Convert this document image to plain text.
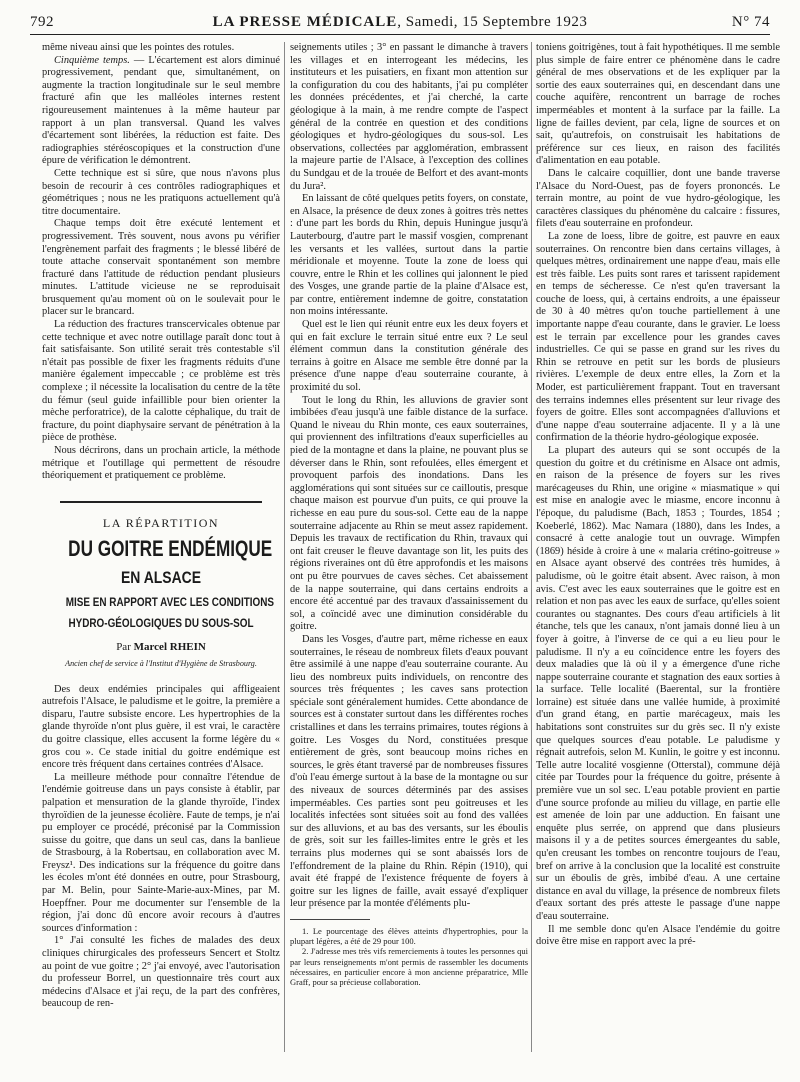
792	LA PRESSE MÉDICALE, Samedi, 15 Septembre 1923	N° 74

même niveau ainsi que les pointes des rotules.

Cinquième temps. — L'écartement est alors diminué progressivement, pendant que, simultanément, on augmente la traction longitudinale sur le seul membre fracturé afin que les malléoles internes restent rigoureusement maintenues à la même hauteur par rapport à un plan transversal. Quand les valves d'écartement sont libérées, la réduction est faite. Des radiographies stéréoscopiques et la construction d'une épure de vérification le démontrent.

Cette technique est si sûre, que nous n'avons plus besoin de recourir à ces contrôles radiographiques et géométriques ; nous ne les pratiquons actuellement qu'à titre documentaire.

Chaque temps doit être exécuté lentement et progressivement. Très souvent, nous avons pu vérifier l'engrènement parfait des fragments ; le blessé libéré de toute attache conservait spontanément son membre fracturé dans l'attitude de réduction pendant plusieurs minutes. L'attitude vicieuse ne se reproduisait brusquement qu'au moment où on le soulevait pour le placer sur le brancard.

La réduction des fractures transcervicales obtenue par cette technique et avec notre outillage paraît donc tout à fait satisfaisante. Son utilité serait très contestable s'il n'était pas possible de fixer les fragments réduits d'une manière également impeccable ; ce problème est très complexe ; il nécessite la localisation du centre de la tête du fémur (seul guide infaillible pour bien orienter la mèche perforatrice), de la calotte céphalique, du trait de fracture, du point diaphysaire servant de pénétration à la pièce de prothèse.

Nous décrirons, dans un prochain article, la méthode métrique et l'outillage qui permettent de résoudre théoriquement et pratiquement ce problème.

LA RÉPARTITION
DU GOITRE ENDÉMIQUE
EN ALSACE
MISE EN RAPPORT AVEC LES CONDITIONS
HYDRO-GÉOLOGIQUES DU SOUS-SOL
Par Marcel RHEIN
Ancien chef de service à l'Institut d'Hygiène de Strasbourg.

Des deux endémies principales qui affligeaient autrefois l'Alsace, le paludisme et le goitre, la première a disparu, l'autre subsiste encore. Les hypertrophies de la glande thyroïde n'ont plus guère, il est vrai, le caractère du goitre classique, elles accusent la forme légère du « gros cou ». Ce stade initial du goitre endémique est encore très fréquent dans certaines contrées d'Alsace.

La meilleure méthode pour connaître l'étendue de l'endémie goitreuse dans un pays consiste à établir, par palpation et mensuration de la glande thyroïde, l'index thyroïdien de la jeunesse écolière. Faute de temps, je n'ai pu employer ce procédé, préconisé par la Commission suisse du goitre, que dans un seul cas, dans la banlieue de Strasbourg, à la Robertsau, en collaboration avec M. Freysz¹. Des indications sur la fréquence du goitre dans les écoles m'ont été données en outre, pour Strasbourg, par M. Belin, pour Sainte-Marie-aux-Mines, par M. Hoepffner. Pour me documenter sur l'ensemble de la région, j'ai donc dû encore avoir recours à d'autres sources d'information :

1° J'ai consulté les fiches de malades des deux cliniques chirurgicales des professeurs Sencert et Stoltz au point de vue goitre ; 2° j'ai envoyé, avec l'autorisation du professeur Borrel, un questionnaire très court aux médecins d'Alsace et j'ai reçu, de la part des confrères, beaucoup de ren-

seignements utiles ; 3° en passant le dimanche à travers les villages et en interrogeant les médecins, les instituteurs et les puisatiers, en fixant mon attention sur la configuration du cou des habitants, j'ai pu compléter les données précédentes, et j'ai cherché, la carte géologique à la main, à me rendre compte de l'aspect général de la contrée en question et des conditions géologiques et hydro-géologiques du sous-sol. Les observations, collectées par agglomération, embrassent la majeure partie de l'Alsace, à l'exception des collines du Sundgau et de la trouée de Belfort et des avant-monts du Jura².

En laissant de côté quelques petits foyers, on constate, en Alsace, la présence de deux zones à goitres très nettes : d'une part les bords du Rhin, depuis Huningue jusqu'à Lauterbourg, d'autre part le massif vosgien, comprenant les versants et les vallées, surtout dans la partie méridionale et moyenne. Toute la zone de loess qui couvre, entre le Rhin et les collines qui jalonnent le pied des Vosges, une grande partie de la plaine d'Alsace est, par contre, entièrement indemne de goitre, constatation non moins intéressante.

Quel est le lien qui réunit entre eux les deux foyers et qui en fait exclure le terrain situé entre eux ? Le seul élément commun dans la constitution générale des terrains à goitre en Alsace me semble être donné par la présence d'une nappe d'eau souterraine courante, à proximité du sol.

Tout le long du Rhin, les alluvions de gravier sont imbibées d'eau jusqu'à une faible distance de la surface. Quand le niveau du Rhin monte, ces eaux souterraines, qui proviennent des infiltrations d'eaux superficielles au pied de la montagne et dans la plaine, ne pouvant plus se déverser dans le Rhin, sont refoulées, elles émergent et provoquent parfois des inondations. Dans les agglomérations qui sont situées sur ce cailloutis, presque chaque maison est pourvue d'un puits, ce qui prouve la richesse en eau pure du sous-sol. Cette eau de la nappe souterraine adjacente au Rhin se meut assez rapidement. Depuis les travaux de rectification du Rhin, travaux qui ont fait creuser le fleuve davantage son lit, les puits des régions riveraines ont dû être approfondis et les maisons ont pu être pourvues de caves sèches. Cet abaissement de la nappe souterraine, qui dans certains endroits a encore été accentué par des travaux d'assainissement du sol, a coïncidé avec une diminution considérable du goitre.

Dans les Vosges, d'autre part, même richesse en eaux souterraines, le réseau de nombreux filets d'eaux pouvant être assimilé à une nappe d'eau souterraine courante. Au lieu des nombreux puits individuels, on rencontre des sources très fréquentes ; les caves sans protection spéciale sont généralement humides. Cette abondance de sources est à constater surtout dans les différentes roches cristallines et dans les terrains primaires, toutes régions à goitre. Les Vosges du Nord, constituées presque entièrement de grès, sont beaucoup moins riches en sources, le grès étant traversé par de nombreuses fissures d'où l'eau émerge surtout à la base de la montagne ou sur des niveaux de sources déterminés par des assises imperméables. Ces parties sont peu goitreuses et les localités infectées sont situées soit au fond des vallées sur des alluvions, et au bas des versants, sur les éboulis de grès, soit sur les failles-limites entre le grès et les terrains plus modernes qui se sont abaissés lors de l'effondrement de la plaine du Rhin. Répin (1910), qui avait été frappé de l'existence fréquente de foyers à goitre sur les lignes de faille, avait essayé d'expliquer leur présence par la montée d'éléments plu-

1. Le pourcentage des élèves atteints d'hypertrophies, pour la plupart légères, a été de 29 pour 100.

2. J'adresse mes très vifs remerciements à toutes les personnes qui par leurs renseignements m'ont permis de rassembler les documents nécessaires, en particulier encore à mon ancienne préparatrice, Mlle Graff, pour sa précieuse collaboration.

toniens goitrigènes, tout à fait hypothétiques. Il me semble plus simple de faire entrer ce phénomène dans le cadre général de mes observations et de les expliquer par la sortie des eaux souterraines qui, en descendant dans une couche aquifère, rencontrent un barrage de roches imperméables et montent à la surface par la faille. La ligne de failles devient, par cela, ligne de sources et on sait, qu'autrefois, on construisait les habitations de préférence sur ces lieux, en raison des facilités d'alimentation en eau potable.

Dans le calcaire coquillier, dont une bande traverse l'Alsace du Nord-Ouest, pas de foyers prononcés. Le terrain montre, au point de vue hydro-géologique, les caractères classiques du phénomène du calcaire : fissures, filets d'eau souterraine en profondeur.

La zone de loess, libre de goitre, est pauvre en eaux souterraines. On rencontre bien dans certains villages, à quelques mètres, ordinairement une nappe d'eau, mais elle est très faible. Les puits sont rares et tarissent rapidement en temps de sécheresse. Ce n'est qu'en traversant la couche de loess, qui, à certains endroits, a une épaisseur de 30 à 40 mètres qu'on touche partiellement à une importante nappe d'eau courante, dans le gravier. Le loess est le terrain par excellence pour les grandes caves industrielles. Ce qui se passe en grand sur les rives du Rhin se retrouve en petit sur les bords de plusieurs rivières. L'exemple de deux entre elles, la Zorn et la Moder, est particulièrement frappant. Tout en traversant des terrains indemnes elles présentent sur leur rivage des foyers de goitre. Elles sont accompagnées d'alluvions et d'une nappe d'eau souterraine adjacente. Il y a là une confirmation de la théorie hydro-géologique exposée.

La plupart des auteurs qui se sont occupés de la question du goitre et du crétinisme en Alsace ont admis, en raison de la présence de foyers sur les rives marécageuses du Rhin, une origine « miasmatique » qui est mise en analogie avec le miasme, encore inconnu à l'époque, du paludisme (Bach, 1853 ; Tourdes, 1854 ; Koeberlé, 1862). Mac Namara (1880), dans les Indes, a consacré à cette analogie tout un ouvrage. Wimpfen (1869) héside à croire à une « malaria crétino-goitreuse » en Alsace ayant observé des contrées très humides, à paludisme, où le goitre était absent. Avec raison, à mon avis. C'est avec les eaux souterraines que le goitre est en relation et non pas avec les eaux de surface, qu'elles soient courantes ou stagnantes. Des cours d'eau artificiels à lit étanche, tels que les canaux, n'ont jamais donné lieu à un foyer à goitre, à l'inverse de ce qui a eu lieu pour le paludisme. Il n'y a eu coïncidence entre les foyers des deux maladies que là où il y a émergence d'une riche nappe souterraine courante et stagnation des eaux sorties à la surface. Telle localité (Baerental, sur la frontière lorraine) est située dans une vallée humide, à proximité d'un grand étang, en partie marécageux, mais les habitations sont construites sur du grès sec. Il n'y existe que quelques sources d'eau potable. Le paludisme y régnait autrefois, selon M. Kunlin, le goitre y est inconnu. Telle autre localité vosgienne (Otterstal), commune déjà citée par Tourdes pour la fréquence du goitre, présente à première vue un sol sec. L'eau potable provient en partie d'une source profonde au milieu du village, en partie elle est amenée de loin par une adduction. En faisant une enquête plus serrée, on apprend que dans plusieurs maisons il y a de petites sources émergeantes du sable, qu'en creusant les tombes on rencontre toujours de l'eau, bref on arrive à la conclusion que la localité est construite sur un éboulis de grès, imbibé d'eau. A une certaine distance en aval du village, la présence de nombreux filets d'eaux sortant des prés atteste le passage d'une nappe d'eau souterraine.

Il me semble donc qu'en Alsace l'endémie du goitre doive être mise en rapport avec la pré-
